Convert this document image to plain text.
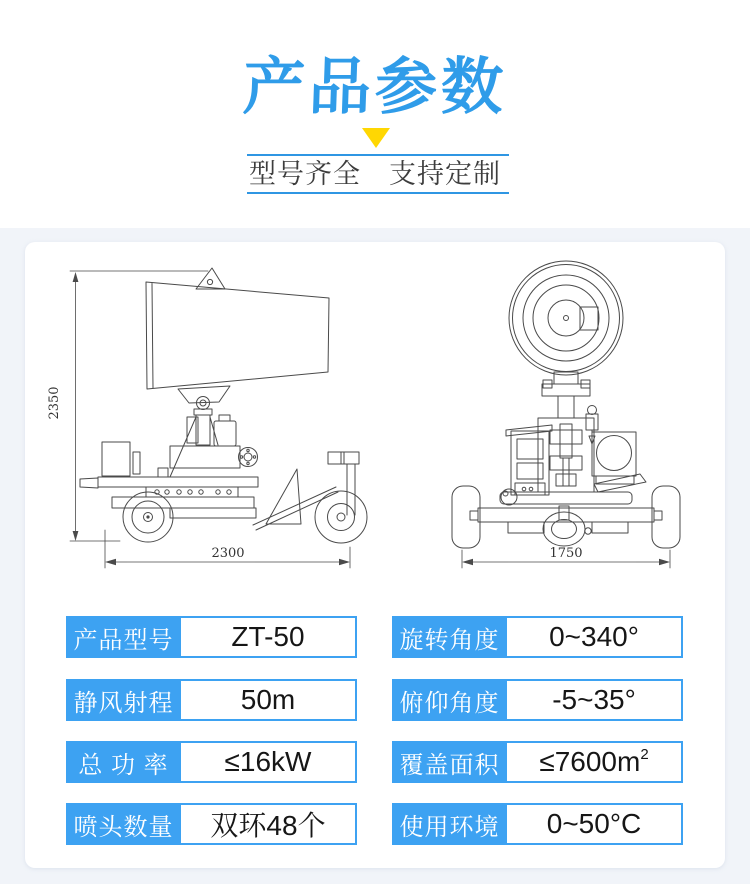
产品参数
型号齐全　支持定制
2350
2300	1750
产品型号	ZT-50
静风射程	50m
总 功 率	≤16kW
喷头数量	双环48个
旋转角度	0~340°
俯仰角度	-5~35°
覆盖面积 ≤7600m 2
使用环境	0~50°C
